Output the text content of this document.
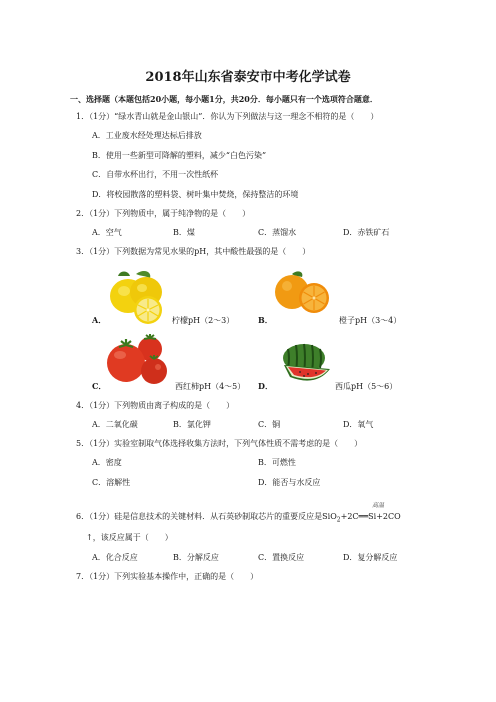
2018年山东省泰安市中考化学试卷
一、选择题（本题包括20小题，每小题1分，共20分．每小题只有一个选项符合题意．
1．（1分）“绿水青山就是金山银山”．你认为下列做法与这一理念不相符的是（　　）
A．工业废水经处理达标后排放
B．使用一些新型可降解的塑料，减少“白色污染”
C．自带水杯出行，不用一次性纸杯
D．将校园散落的塑料袋、树叶集中焚烧，保持整洁的环境
2．（1分）下列物质中，属于纯净物的是（　　）
A．空气	B．煤	C．蒸馏水	D．赤铁矿石
3．（1分）下列数据为常见水果的pH，其中酸性最强的是（　　）
A．	柠檬pH（2～3）	B．	橙子pH（3～4）
C．	西红柿pH（4～5） D．	西瓜pH（5～6）
4．（1分）下列物质由离子构成的是（　　）
A．二氧化碳	B．氯化钾	C．铜	D．氧气
5．（1分）实验室制取气体选择收集方法时，下列气体性质不需考虑的是（　　）
A．密度	B．可燃性
C．溶解性	D．能否与水反应
高温
6．（1分）硅是信息技术的关键材料．从石英砂制取芯片的重要反应是SiO$_2$+2C══Si+2CO
↑，该反应属于（　　）
A．化合反应	B．分解反应	C．置换反应	D．复分解反应
7．（1分）下列实验基本操作中，正确的是（　　）
